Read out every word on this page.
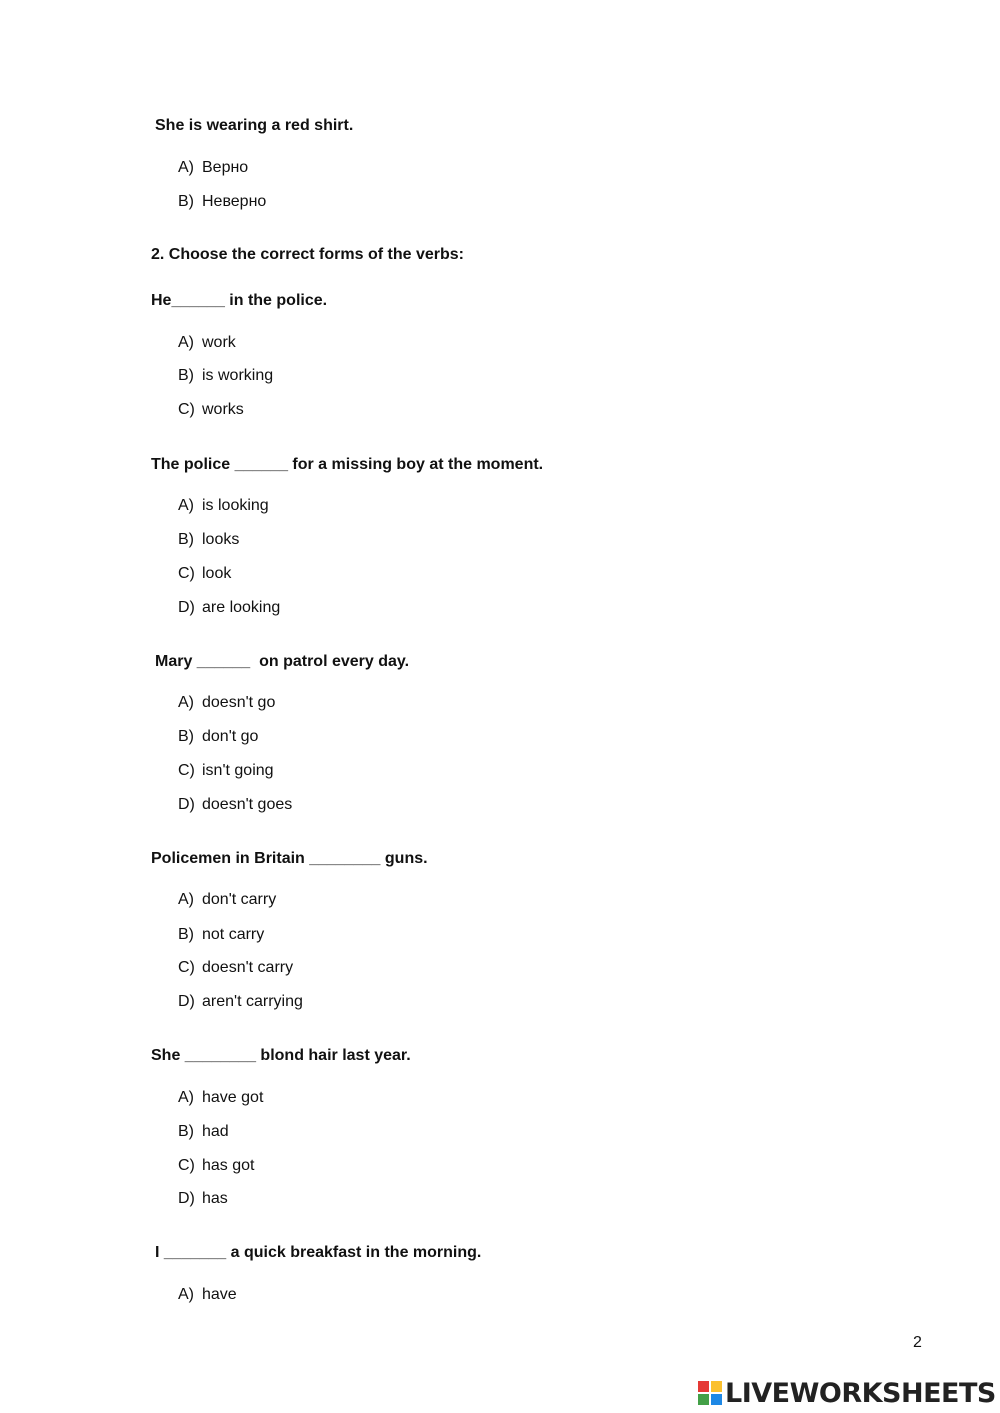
She is wearing a red shirt.
A) Верно
B) Неверно
2. Choose the correct forms of the verbs:
He______ in the police.
A) work
B) is working
C) works
The police ______ for a missing boy at the moment.
A) is looking
B) looks
C) look
D) are looking
Mary ______  on patrol every day.
A) doesn't go
B) don't go
C) isn't going
D) doesn't goes
Policemen in Britain ________ guns.
A) don't carry
B) not carry
C) doesn't carry
D) aren't carrying
She ________ blond hair last year.
A) have got
B) had
C) has got
D) has
I _______ a quick breakfast in the morning.
A) have
2
LIVEWORKSHEETS
